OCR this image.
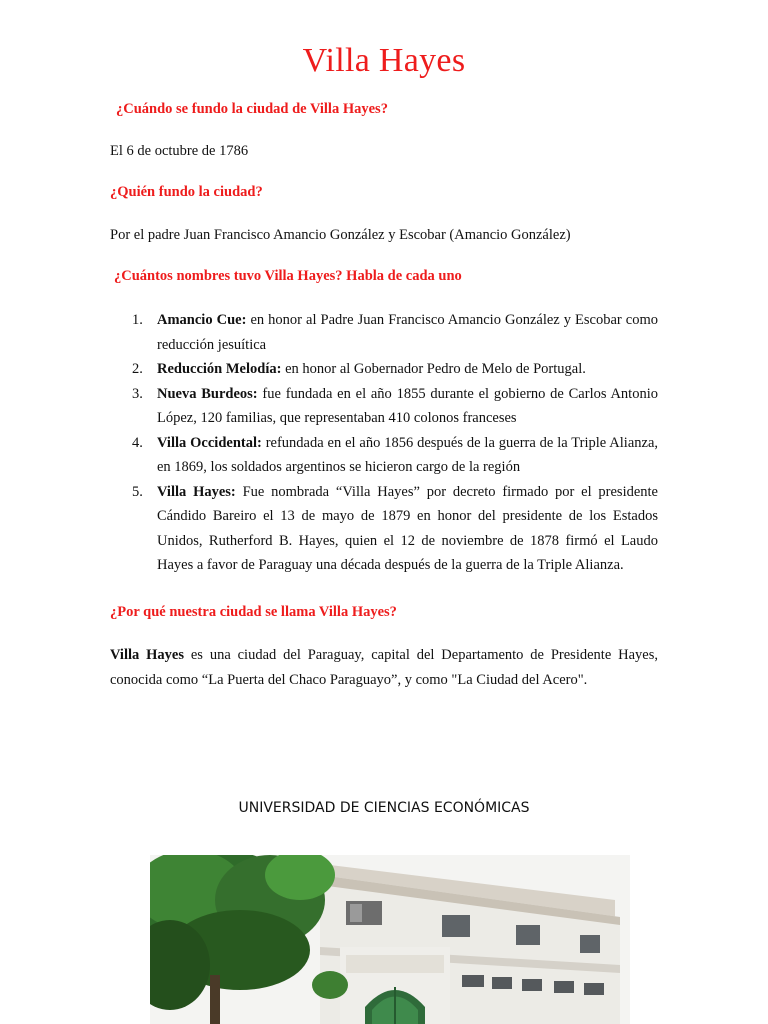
Villa Hayes
¿Cuándo se fundo la ciudad de Villa Hayes?
El 6 de octubre de 1786
¿Quién fundo la ciudad?
Por el padre Juan Francisco Amancio González y Escobar (Amancio González)
¿Cuántos nombres tuvo Villa Hayes? Habla de cada uno
1. Amancio Cue: en honor al Padre Juan Francisco Amancio González y Escobar como reducción jesuítica
2. Reducción Melodía: en honor al Gobernador Pedro de Melo de Portugal.
3. Nueva Burdeos: fue fundada en el año 1855 durante el gobierno de Carlos Antonio López, 120 familias, que representaban 410 colonos franceses
4. Villa Occidental: refundada en el año 1856 después de la guerra de la Triple Alianza, en 1869, los soldados argentinos se hicieron cargo de la región
5. Villa Hayes: Fue nombrada “Villa Hayes” por decreto firmado por el presidente Cándido Bareiro el 13 de mayo de 1879 en honor del presidente de los Estados Unidos, Rutherford B. Hayes, quien el 12 de noviembre de 1878 firmó el Laudo Hayes a favor de Paraguay una década después de la guerra de la Triple Alianza.
¿Por qué nuestra ciudad se llama Villa Hayes?
Villa Hayes es una ciudad del Paraguay, capital del Departamento de Presidente Hayes, conocida como “La Puerta del Chaco Paraguayo”, y como "La Ciudad del Acero".
UNIVERSIDAD DE CIENCIAS ECONÓMICAS
